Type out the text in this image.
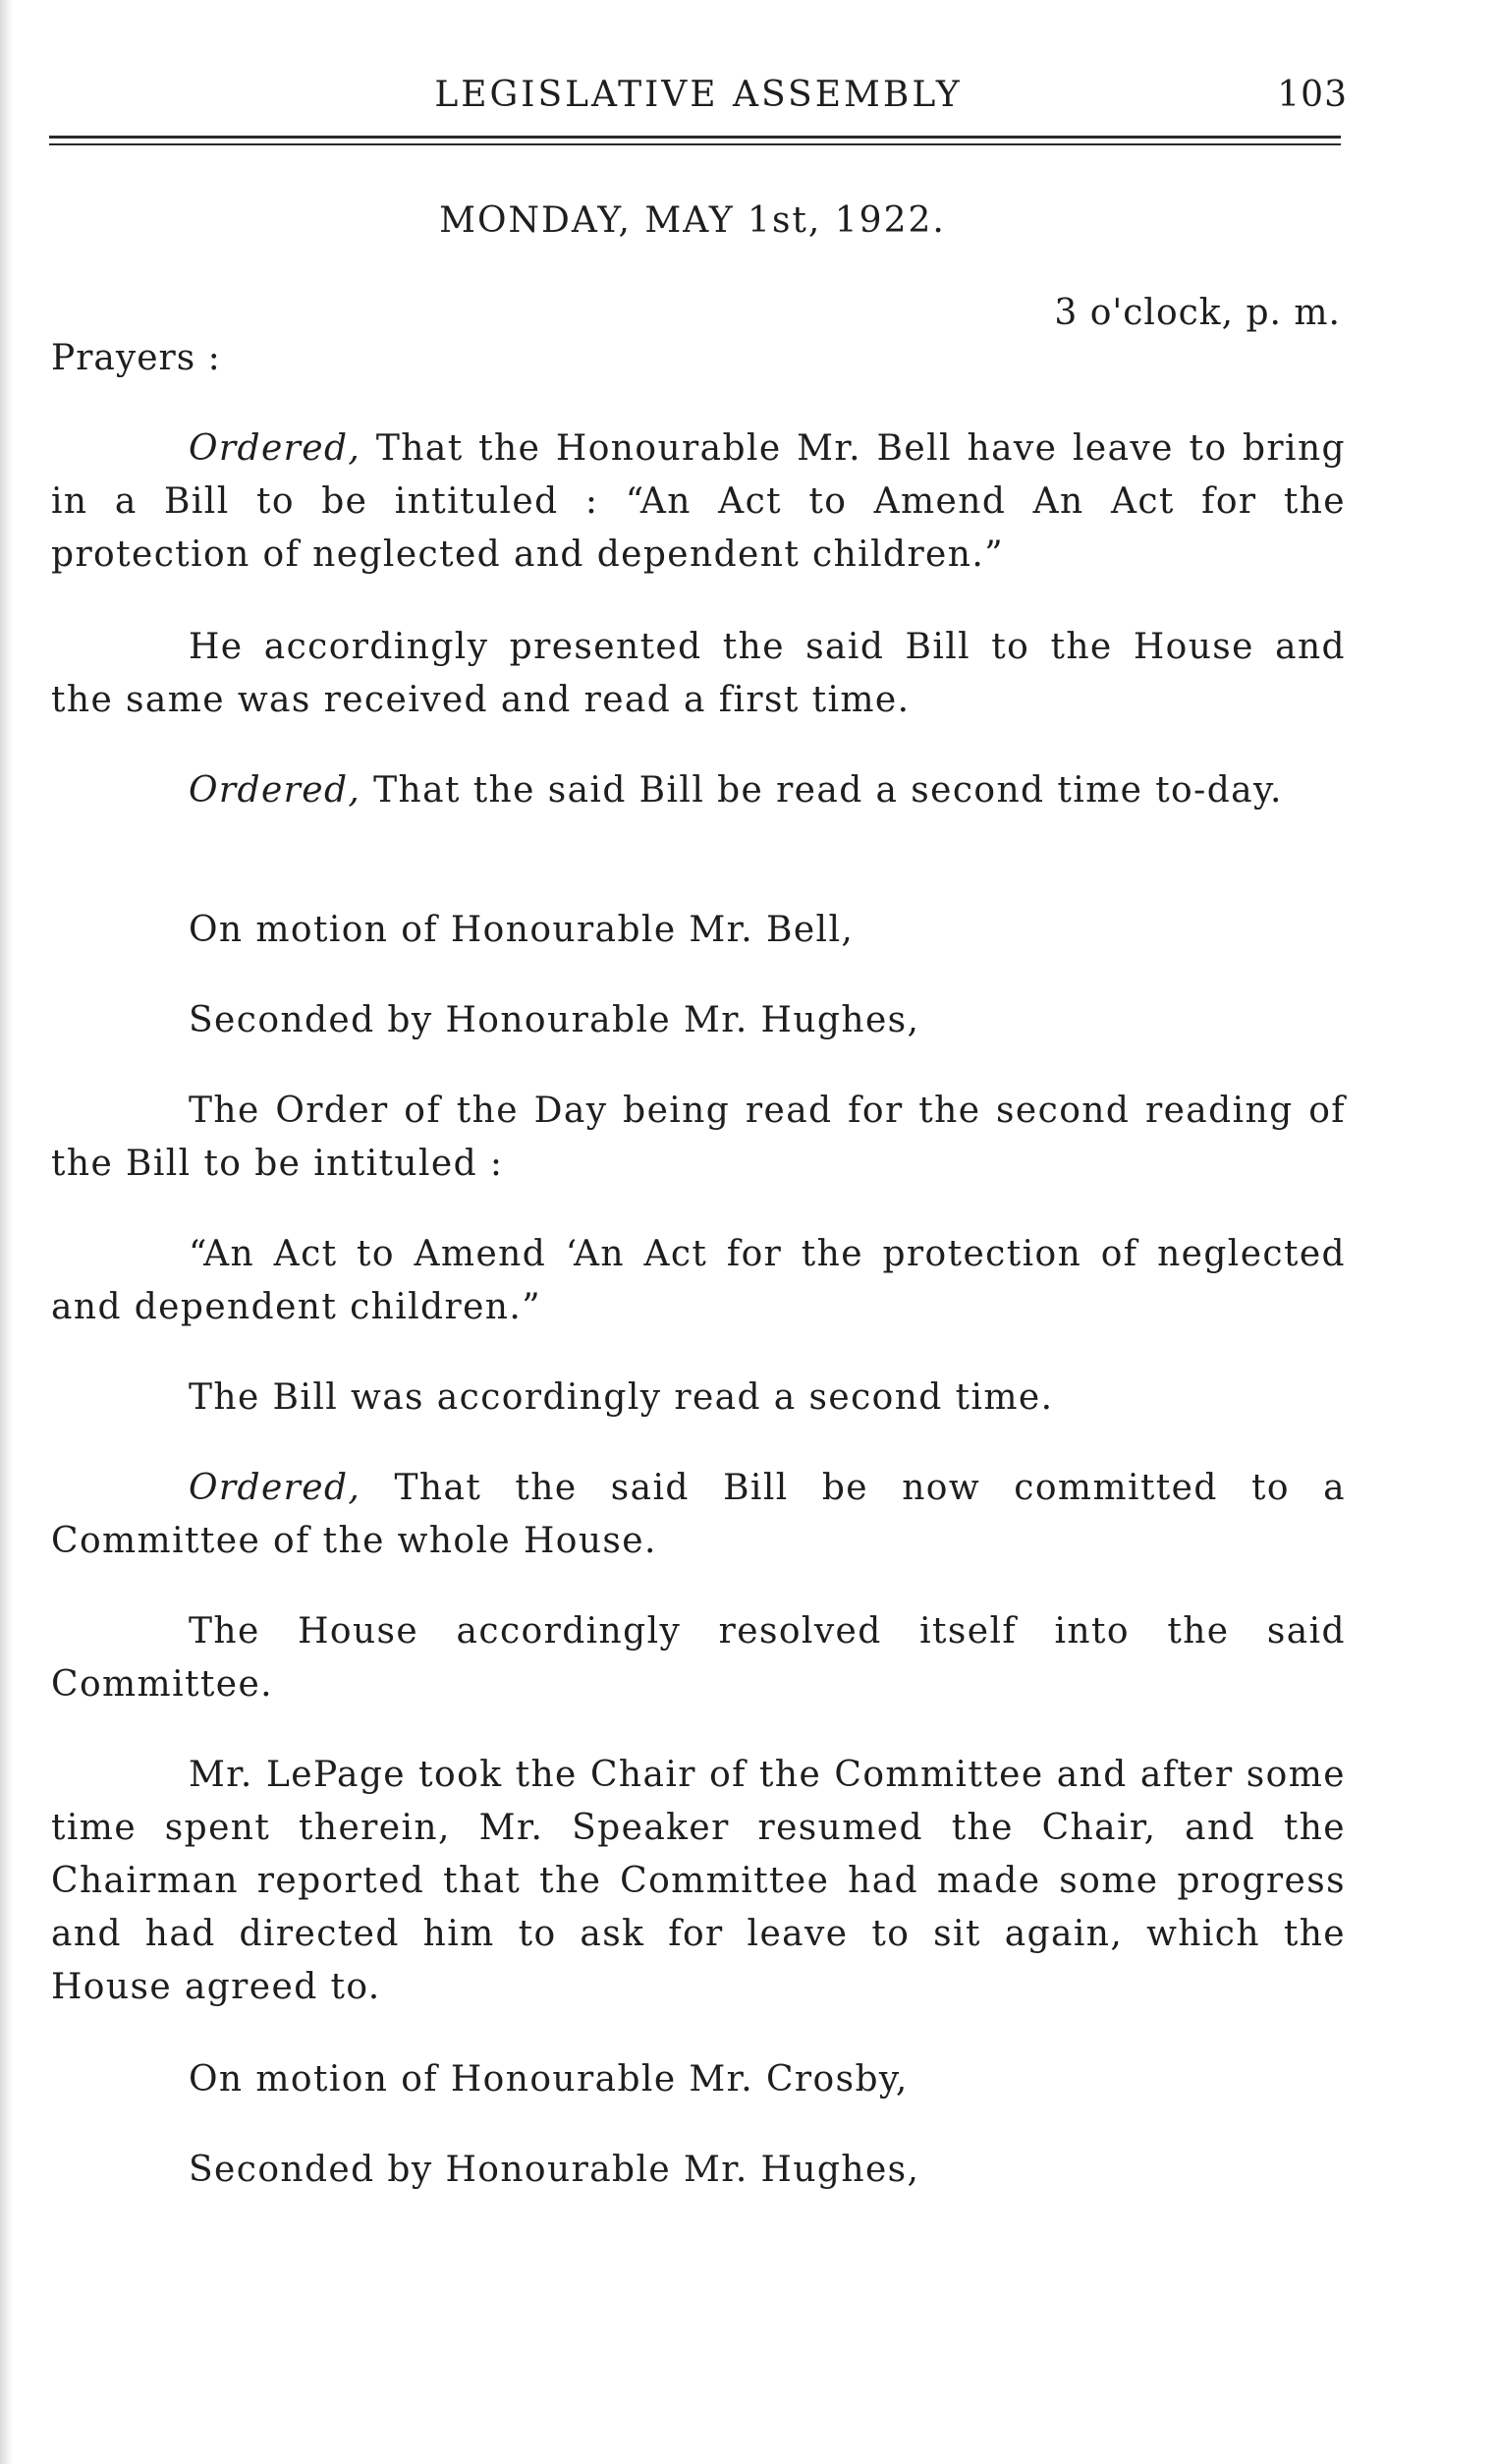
LEGISLATIVE ASSEMBLY	103
MONDAY, MAY 1st, 1922.
3 o'clock, p. m.
Prayers :

Ordered, That the Honourable Mr. Bell have leave to bring in a Bill to be intituled : “An Act to Amend An Act for the protection of neglected and dependent children.”

He accordingly presented the said Bill to the House and the same was received and read a first time.

Ordered, That the said Bill be read a second time to-day.

On motion of Honourable Mr. Bell,

Seconded by Honourable Mr. Hughes,

The Order of the Day being read for the second reading of the Bill to be intituled :

“An Act to Amend ‘An Act for the protection of neglected and dependent children.”

The Bill was accordingly read a second time.

Ordered, That the said Bill be now committed to a Committee of the whole House.

The House accordingly resolved itself into the said Committee.

Mr. LePage took the Chair of the Committee and after some time spent therein, Mr. Speaker resumed the Chair, and the Chairman reported that the Committee had made some progress and had directed him to ask for leave to sit again, which the House agreed to.

On motion of Honourable Mr. Crosby,

Seconded by Honourable Mr. Hughes,
